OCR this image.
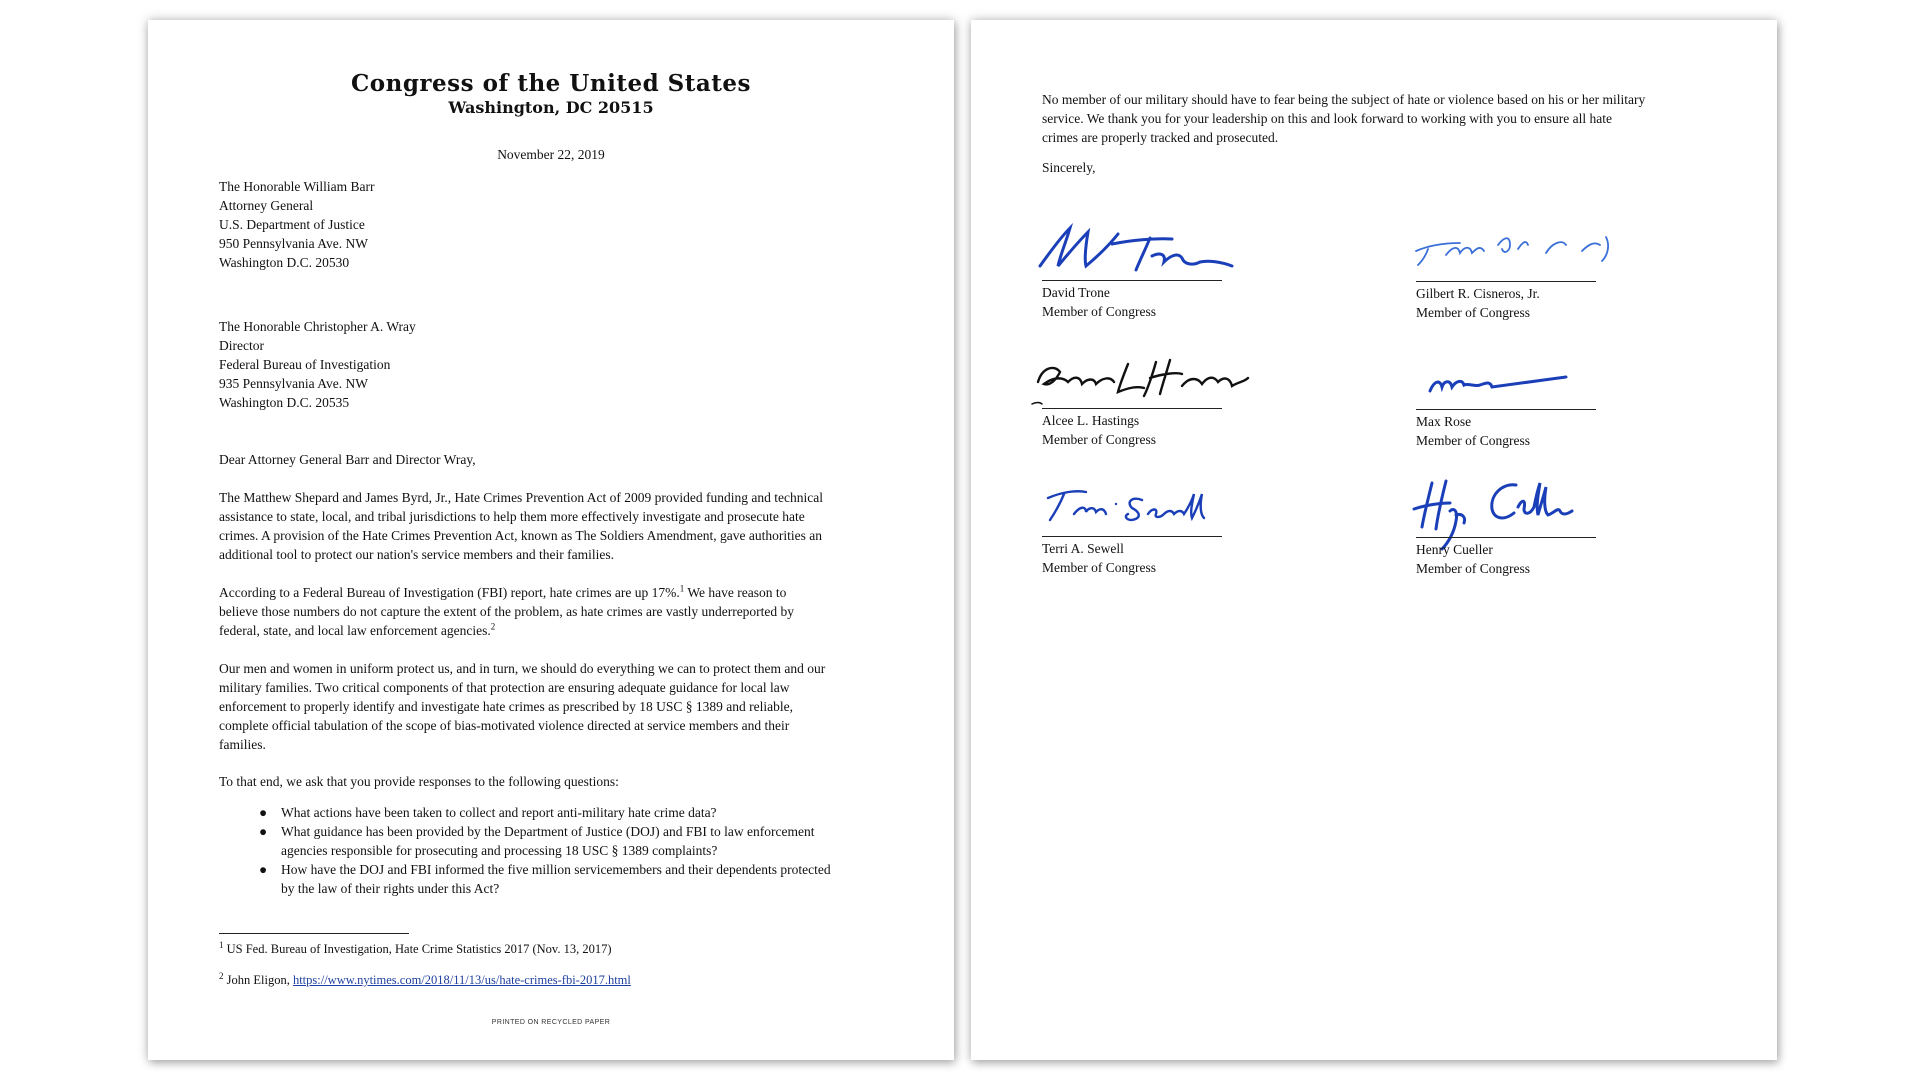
Congress of the United States
Washington, DC 20515
November 22, 2019
The Honorable William Barr
Attorney General
U.S. Department of Justice
950 Pennsylvania Ave. NW
Washington D.C. 20530
The Honorable Christopher A. Wray
Director
Federal Bureau of Investigation
935 Pennsylvania Ave. NW
Washington D.C. 20535
Dear Attorney General Barr and Director Wray,
The Matthew Shepard and James Byrd, Jr., Hate Crimes Prevention Act of 2009 provided funding and technical
assistance to state, local, and tribal jurisdictions to help them more effectively investigate and prosecute hate
crimes. A provision of the Hate Crimes Prevention Act, known as The Soldiers Amendment, gave authorities an
additional tool to protect our nation's service members and their families.
According to a Federal Bureau of Investigation (FBI) report, hate crimes are up 17%.$^1$ We have reason to
believe those numbers do not capture the extent of the problem, as hate crimes are vastly underreported by
federal, state, and local law enforcement agencies.$^2$
Our men and women in uniform protect us, and in turn, we should do everything we can to protect them and our
military families. Two critical components of that protection are ensuring adequate guidance for local law
enforcement to properly identify and investigate hate crimes as prescribed by 18 USC § 1389 and reliable,
complete official tabulation of the scope of bias-motivated violence directed at service members and their
families.
To that end, we ask that you provide responses to the following questions:
● What actions have been taken to collect and report anti-military hate crime data?
● What guidance has been provided by the Department of Justice (DOJ) and FBI to law enforcement
agencies responsible for prosecuting and processing 18 USC § 1389 complaints?
● How have the DOJ and FBI informed the five million servicemembers and their dependents protected
by the law of their rights under this Act?
$^1$ US Fed. Bureau of Investigation, Hate Crime Statistics 2017 (Nov. 13, 2017)
$^2$ John Eligon, https://www.nytimes.com/2018/11/13/us/hate-crimes-fbi-2017.html
PRINTED ON RECYCLED PAPER
No member of our military should have to fear being the subject of hate or violence based on his or her military
service. We thank you for your leadership on this and look forward to working with you to ensure all hate
crimes are properly tracked and prosecuted.
Sincerely,
David Trone
Member of Congress
Gilbert R. Cisneros, Jr.
Member of Congress
Alcee L. Hastings
Member of Congress
Max Rose
Member of Congress
Terri A. Sewell
Member of Congress
Henry Cueller
Member of Congress
